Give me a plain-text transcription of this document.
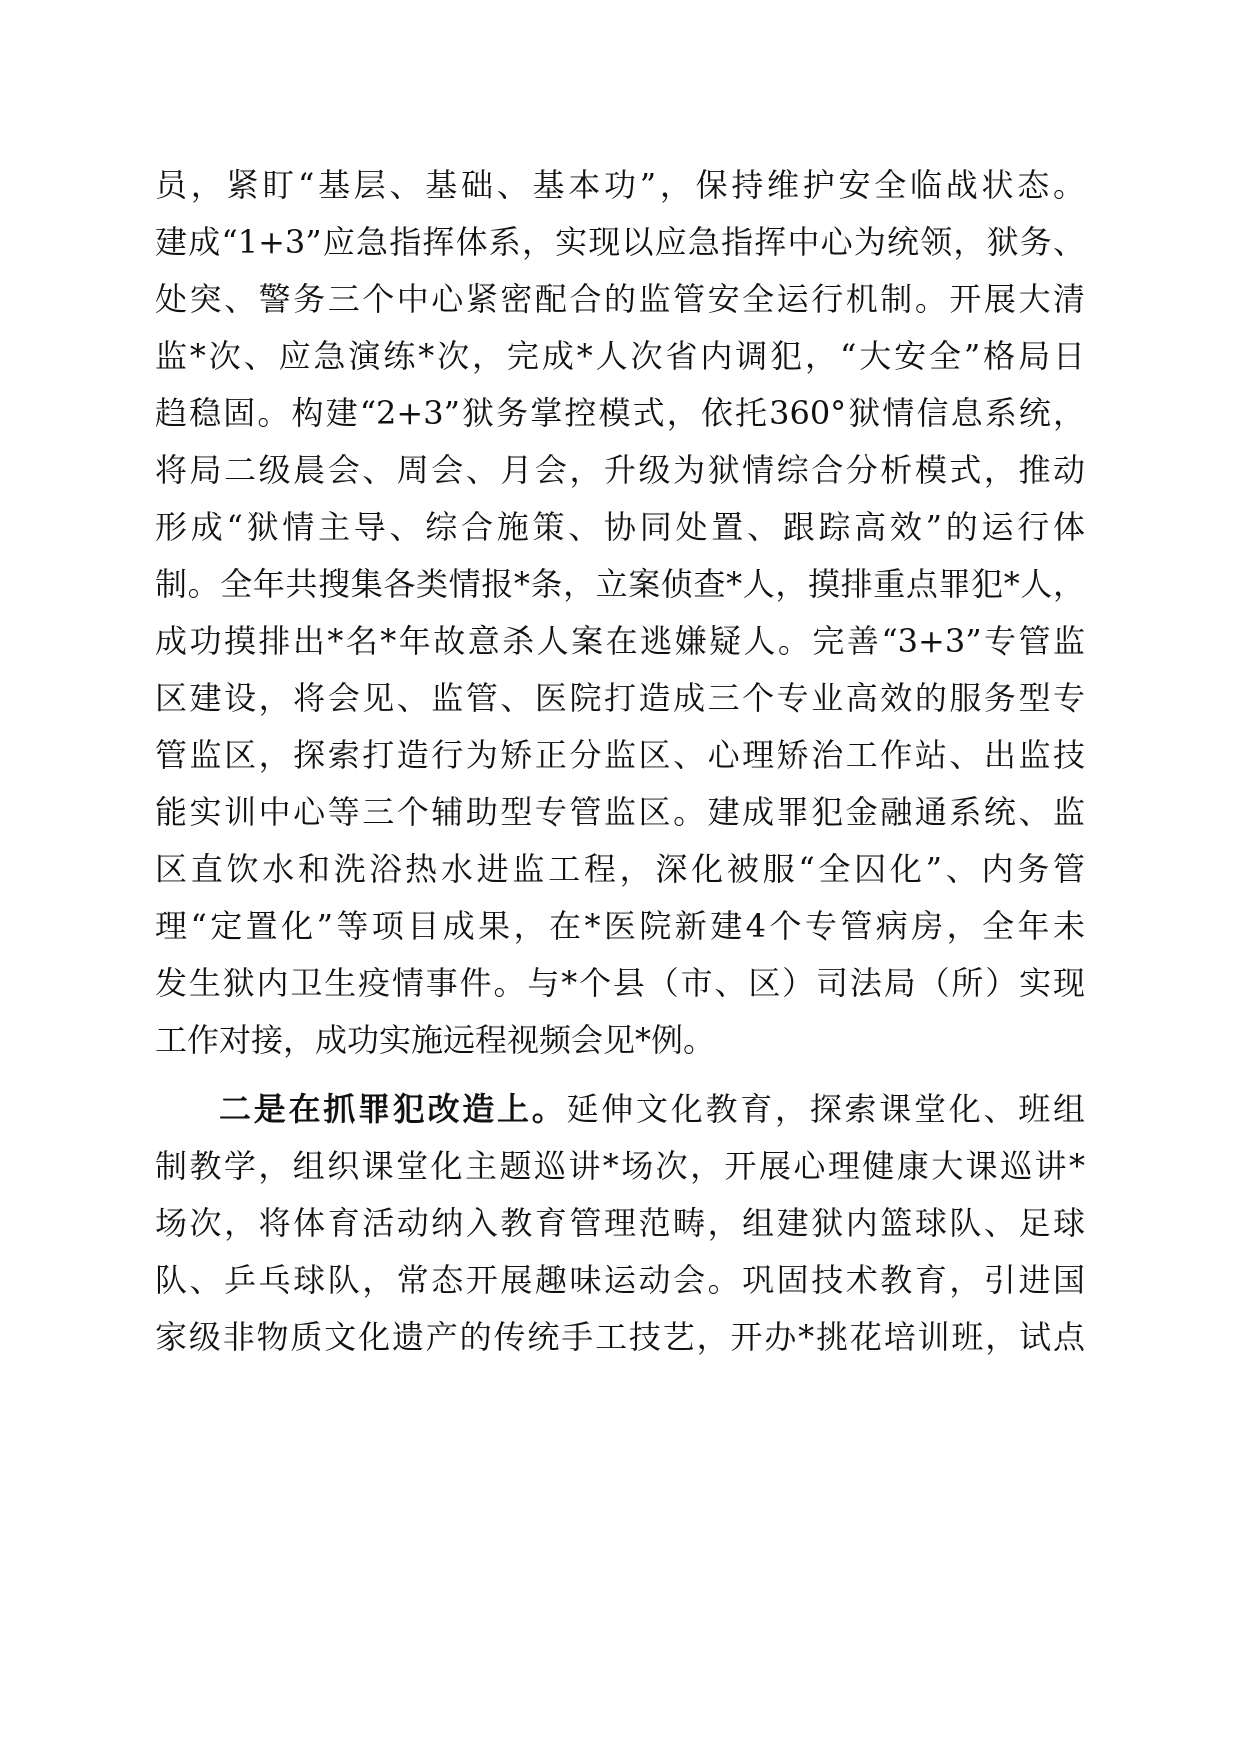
员，紧盯“基层、基础、基本功”，保持维护安全临战状态。
建成“1+3”应急指挥体系，实现以应急指挥中心为统领，狱务、
处突、警务三个中心紧密配合的监管安全运行机制。开展大清
监*次、应急演练*次，完成*人次省内调犯，“大安全”格局日
趋稳固。构建“2+3”狱务掌控模式，依托360°狱情信息系统，
将局二级晨会、周会、月会，升级为狱情综合分析模式，推动
形成“狱情主导、综合施策、协同处置、跟踪高效”的运行体
制。全年共搜集各类情报*条，立案侦查*人，摸排重点罪犯*人，
成功摸排出*名*年故意杀人案在逃嫌疑人。完善“3+3”专管监
区建设，将会见、监管、医院打造成三个专业高效的服务型专
管监区，探索打造行为矫正分监区、心理矫治工作站、出监技
能实训中心等三个辅助型专管监区。建成罪犯金融通系统、监
区直饮水和洗浴热水进监工程，深化被服“全囚化”、内务管
理“定置化”等项目成果，在*医院新建4个专管病房，全年未
发生狱内卫生疫情事件。与*个县（市、区）司法局（所）实现
工作对接，成功实施远程视频会见*例。
二是在抓罪犯改造上。延伸文化教育，探索课堂化、班组
制教学，组织课堂化主题巡讲*场次，开展心理健康大课巡讲*
场次，将体育活动纳入教育管理范畴，组建狱内篮球队、足球
队、乒乓球队，常态开展趣味运动会。巩固技术教育，引进国
家级非物质文化遗产的传统手工技艺，开办*挑花培训班，试点
